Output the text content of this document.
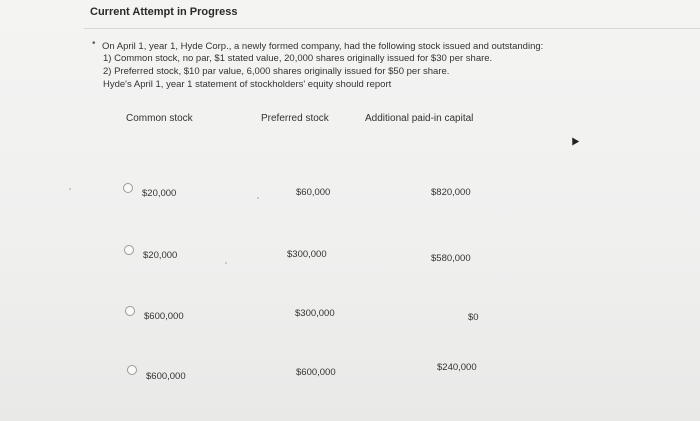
Current Attempt in Progress
• On April 1, year 1, Hyde Corp., a newly formed company, had the following stock issued and outstanding:
1) Common stock, no par, $1 stated value, 20,000 shares originally issued for $30 per share.
2) Preferred stock, $10 par value, 6,000 shares originally issued for $50 per share.
Hyde's April 1, year 1 statement of stockholders' equity should report
Common stock	Preferred stock	Additional paid-in capital
$20,000	$60,000	$820,000
$20,000	$300,000	$580,000
$600,000	$300,000	$0
$600,000	$600,000	$240,000
